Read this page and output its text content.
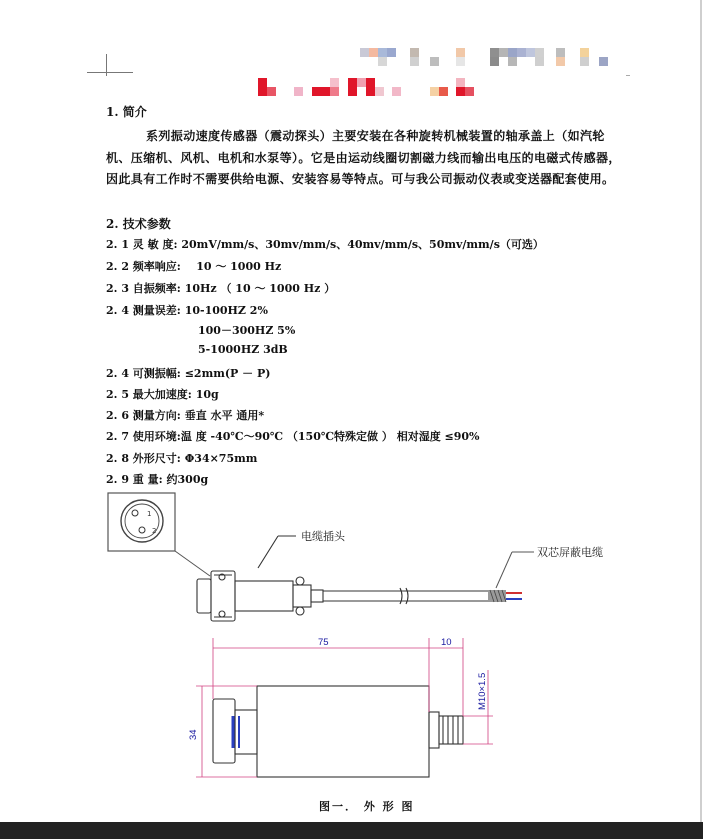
1. 简介
系列振动速度传感器（震动探头）主要安装在各种旋转机械装置的轴承盖上（如汽轮机、压缩机、风机、电机和水泵等）。它是由运动线圈切割磁力线而输出电压的电磁式传感器，因此具有工作时不需要供给电源、安装容易等特点。可与我公司振动仪表或变送器配套使用。
2. 技术参数
2. 1 灵 敏 度: 20mV/mm/s、30mv/mm/s、40mv/mm/s、50mv/mm/s（可选）
2. 2 频率响应: 10 ～ 1000 Hz
2. 3 自振频率: 10Hz （ 10 ～ 1000 Hz ）
2. 4 测量误差: 10-100HZ 2%
100－300HZ 5%
5-1000HZ 3dB
2. 4 可测振幅: ≤2mm(P － P)
2. 5 最大加速度: 10g
2. 6 测量方向: 垂直 水平 通用*
2. 7 使用环境:温 度 -40℃～90℃ （150℃特殊定做 ） 相对湿度 ≤90%
2. 8 外形尺寸: Φ34×75mm
2. 9 重 量: 约300g
1
2	电缆插头
双芯屏蔽电缆
75	10
34
M10×1.5
图一． 外 形 图
